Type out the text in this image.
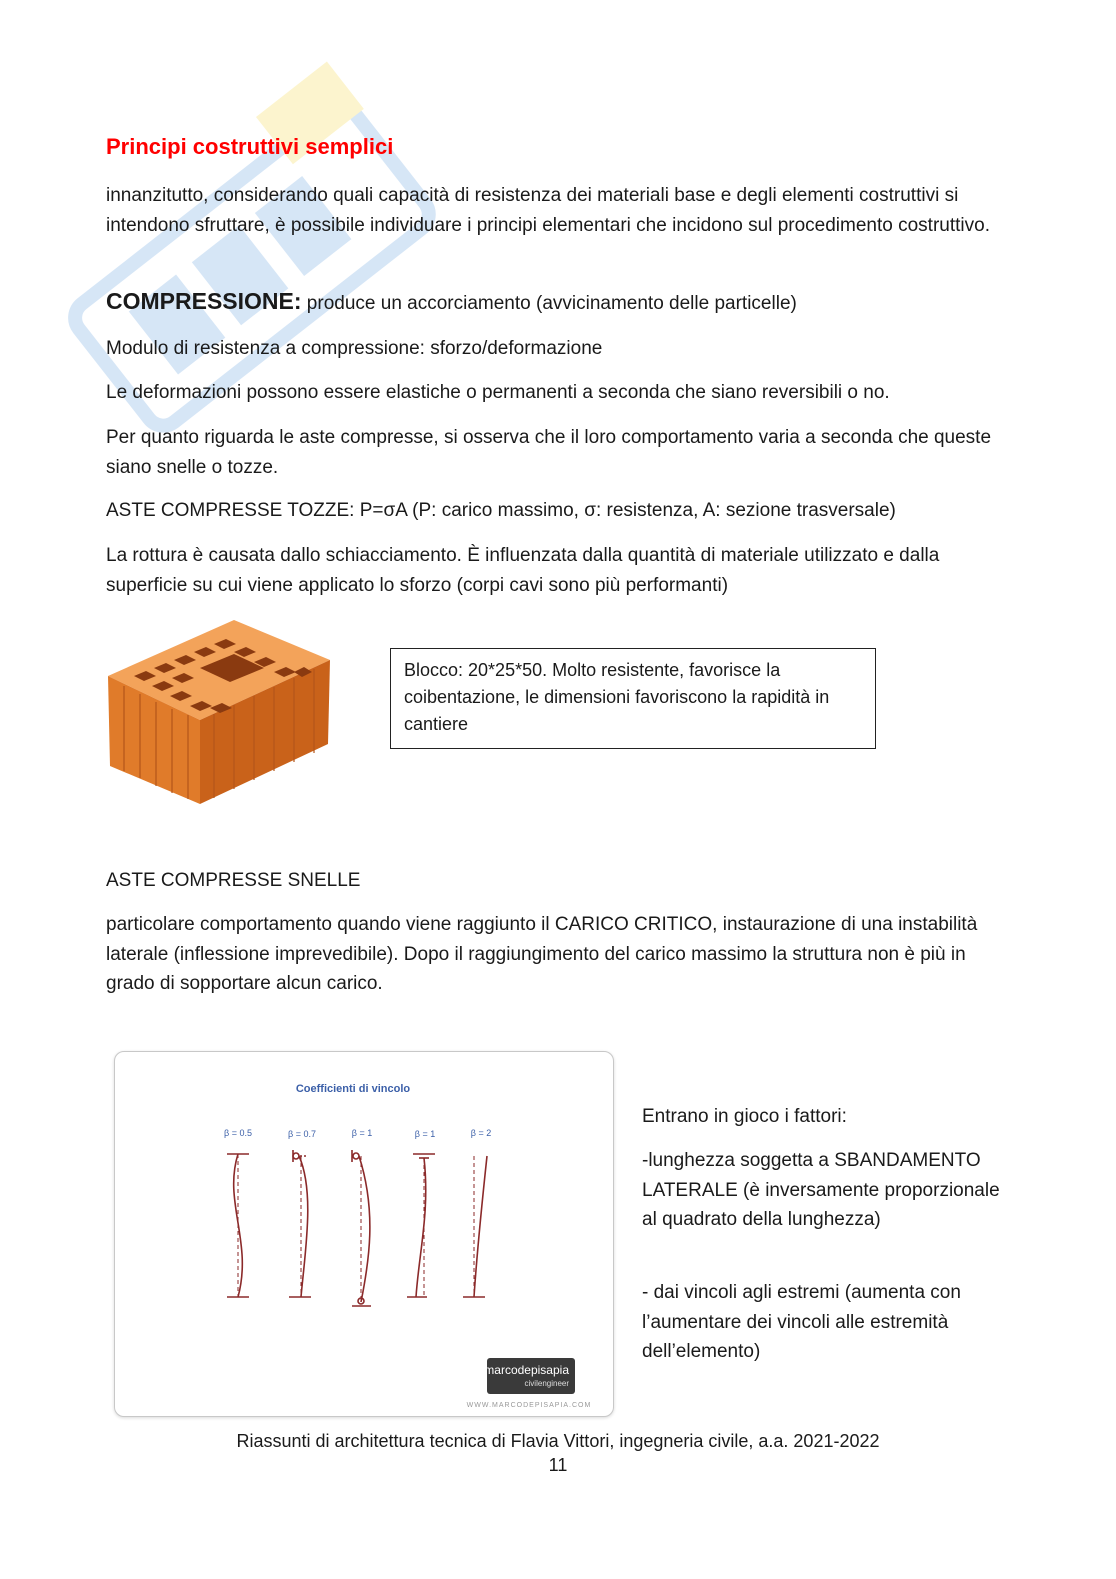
Principi costruttivi semplici

innanzitutto, considerando quali capacità di resistenza dei materiali base e degli elementi costruttivi si intendono sfruttare, è possibile individuare i principi elementari che incidono sul procedimento costruttivo.

COMPRESSIONE: produce un accorciamento (avvicinamento delle particelle)

Modulo di resistenza a compressione: sforzo/deformazione

Le deformazioni possono essere elastiche o permanenti a seconda che siano reversibili o no.

Per quanto riguarda le aste compresse, si osserva che il loro comportamento varia a seconda che queste siano snelle o tozze.

ASTE COMPRESSE TOZZE: P=σA (P: carico massimo, σ: resistenza, A: sezione trasversale)

La rottura è causata dallo schiacciamento. È influenzata dalla quantità di materiale utilizzato e dalla superficie su cui viene applicato lo sforzo (corpi cavi sono più performanti)

Blocco: 20*25*50. Molto resistente, favorisce la coibentazione, le dimensioni favoriscono la rapidità in cantiere

ASTE COMPRESSE SNELLE

particolare comportamento quando viene raggiunto il CARICO CRITICO, instaurazione di una instabilità laterale (inflessione imprevedibile). Dopo il raggiungimento del carico massimo la struttura non è più in grado di sopportare alcun carico.

Coefficienti di vincolo
β = 0.5	β = 0.7	β = 1	β = 1	β = 2
marcodepisapia
civilengineer
WWW.MARCODEPISAPIA.COM

Entrano in gioco i fattori:

-lunghezza soggetta a SBANDAMENTO LATERALE (è inversamente proporzionale al quadrato della lunghezza)

- dai vincoli agli estremi (aumenta con l’aumentare dei vincoli alle estremità dell’elemento)

Riassunti di architettura tecnica di Flavia Vittori, ingegneria civile, a.a. 2021-2022
11
